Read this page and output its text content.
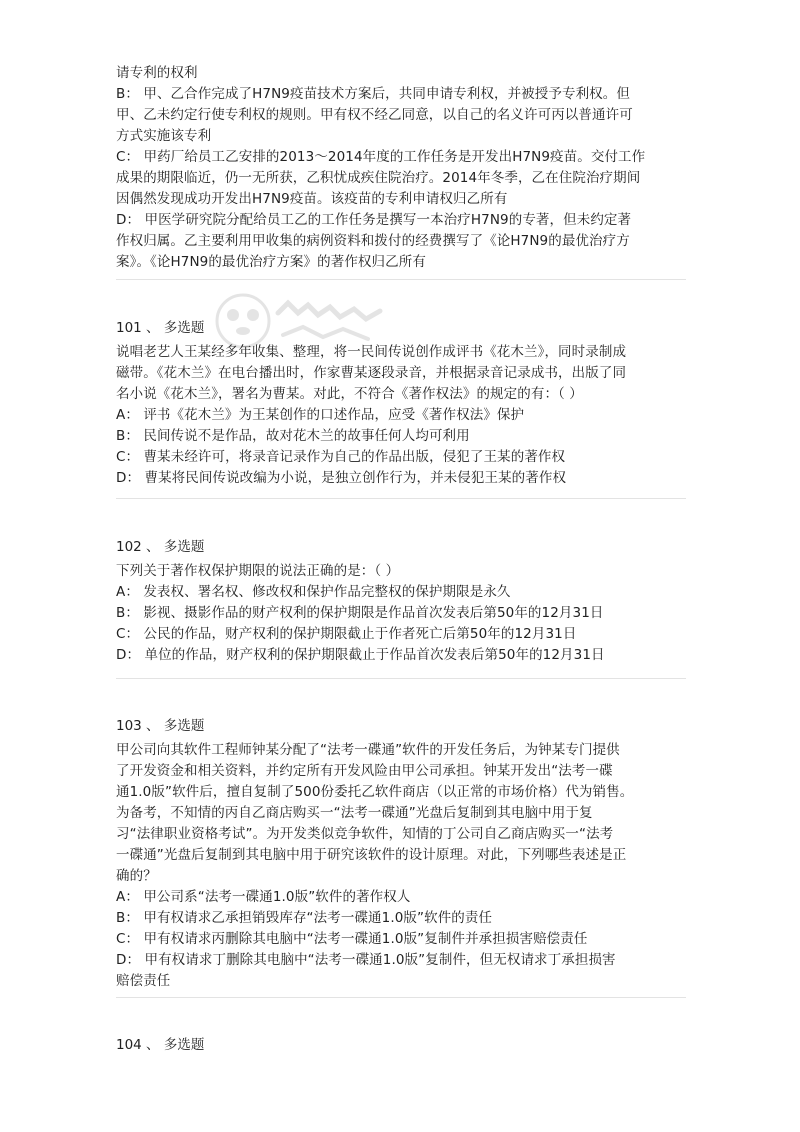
请专利的权利
B： 甲、乙合作完成了H7N9疫苗技术方案后，共同申请专利权，并被授予专利权。但
甲、乙未约定行使专利权的规则。甲有权不经乙同意，以自己的名义许可丙以普通许可
方式实施该专利
C： 甲药厂给员工乙安排的2013～2014年度的工作任务是开发出H7N9疫苗。交付工作
成果的期限临近，仍一无所获，乙积忧成疾住院治疗。2014年冬季，乙在住院治疗期间
因偶然发现成功开发出H7N9疫苗。该疫苗的专利申请权归乙所有
D： 甲医学研究院分配给员工乙的工作任务是撰写一本治疗H7N9的专著，但未约定著
作权归属。乙主要利用甲收集的病例资料和拨付的经费撰写了《论H7N9的最优治疗方
案》。《论H7N9的最优治疗方案》的著作权归乙所有
101 、 多选题
说唱老艺人王某经多年收集、整理，将一民间传说创作成评书《花木兰》，同时录制成
磁带。《花木兰》在电台播出时，作家曹某逐段录音，并根据录音记录成书，出版了同
名小说《花木兰》，署名为曹某。对此，不符合《著作权法》的规定的有：（ ）
A： 评书《花木兰》为王某创作的口述作品，应受《著作权法》保护
B： 民间传说不是作品，故对花木兰的故事任何人均可利用
C： 曹某未经许可，将录音记录作为自己的作品出版，侵犯了王某的著作权
D： 曹某将民间传说改编为小说，是独立创作行为，并未侵犯王某的著作权
102 、 多选题
下列关于著作权保护期限的说法正确的是：（ ）
A： 发表权、署名权、修改权和保护作品完整权的保护期限是永久
B： 影视、摄影作品的财产权利的保护期限是作品首次发表后第50年的12月31日
C： 公民的作品，财产权利的保护期限截止于作者死亡后第50年的12月31日
D： 单位的作品，财产权利的保护期限截止于作品首次发表后第50年的12月31日
103 、 多选题
甲公司向其软件工程师钟某分配了“法考一碟通”软件的开发任务后，为钟某专门提供
了开发资金和相关资料，并约定所有开发风险由甲公司承担。钟某开发出“法考一碟
通1.0版”软件后，擅自复制了500份委托乙软件商店（以正常的市场价格）代为销售。
为备考，不知情的丙自乙商店购买一“法考一碟通”光盘后复制到其电脑中用于复
习“法律职业资格考试”。为开发类似竞争软件，知情的丁公司自乙商店购买一“法考
一碟通”光盘后复制到其电脑中用于研究该软件的设计原理。对此，下列哪些表述是正
确的？
A： 甲公司系“法考一碟通1.0版”软件的著作权人
B： 甲有权请求乙承担销毁库存“法考一碟通1.0版”软件的责任
C： 甲有权请求丙删除其电脑中“法考一碟通1.0版”复制件并承担损害赔偿责任
D： 甲有权请求丁删除其电脑中“法考一碟通1.0版”复制件，但无权请求丁承担损害
赔偿责任
104 、 多选题
